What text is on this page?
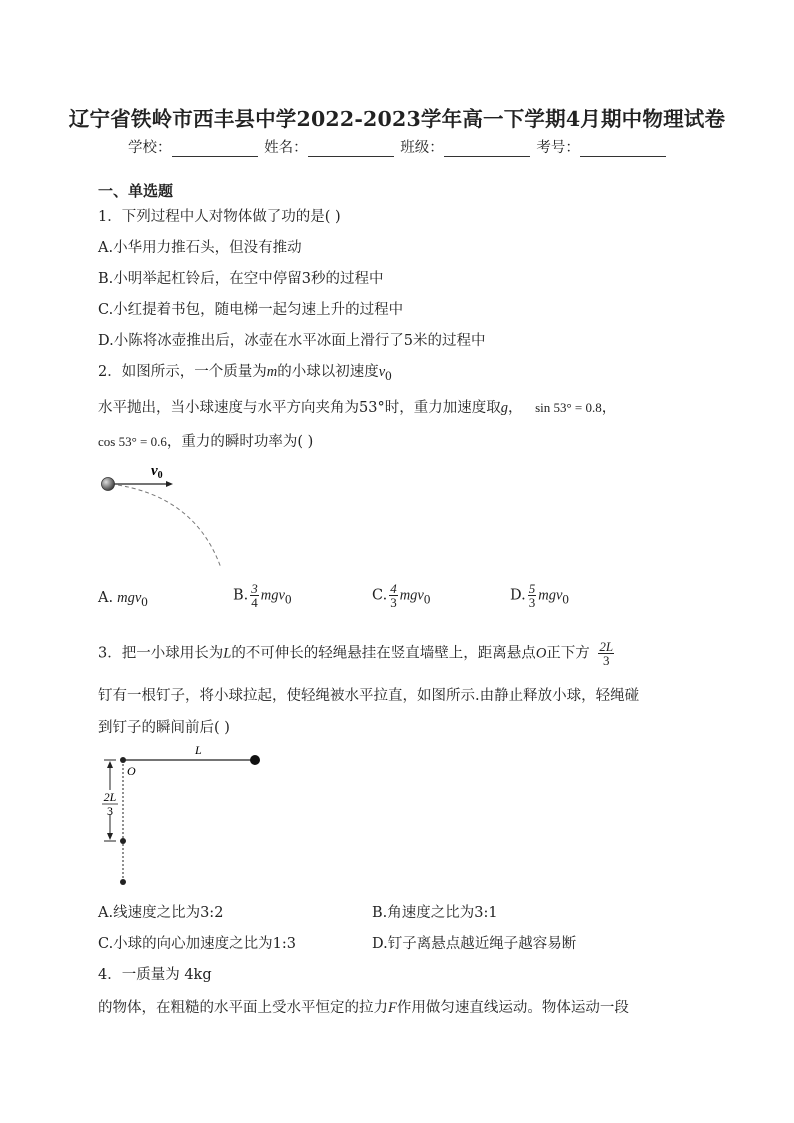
辽宁省铁岭市西丰县中学2022-2023学年高一下学期4月期中物理试卷
学校：	姓名：	班级：	考号：
一、单选题
1．下列过程中人对物体做了功的是( )
A.小华用力推石头，但没有推动
B.小明举起杠铃后，在空中停留3秒的过程中
C.小红提着书包，随电梯一起匀速上升的过程中
D.小陈将冰壶推出后，冰壶在水平冰面上滑行了5米的过程中
2．如图所示，一个质量为m的小球以初速度$v_0$
水平抛出，当小球速度与水平方向夹角为53°时，重力加速度取g， sin 53° = 0.8，
cos 53° = 0.6，重力的瞬时功率为( )
$v_0$
A. mgv$_0$	B. $\frac{3}{4} mgv_0$	C. $\frac{4}{3} mgv_0$	D. $\frac{5}{3} mgv_0$
3．把一小球用长为L的不可伸长的轻绳悬挂在竖直墙壁上，距离悬点O正下方 $\frac{2L}{3}$
钉有一根钉子，将小球拉起，使轻绳被水平拉直，如图所示.由静止释放小球，轻绳碰
到钉子的瞬间前后( )
2L
3
O
L
A.线速度之比为3:2	B.角速度之比为3:1
C.小球的向心加速度之比为1:3	D.钉子离悬点越近绳子越容易断
4．一质量为 4kg
的物体，在粗糙的水平面上受水平恒定的拉力F作用做匀速直线运动。物体运动一段
